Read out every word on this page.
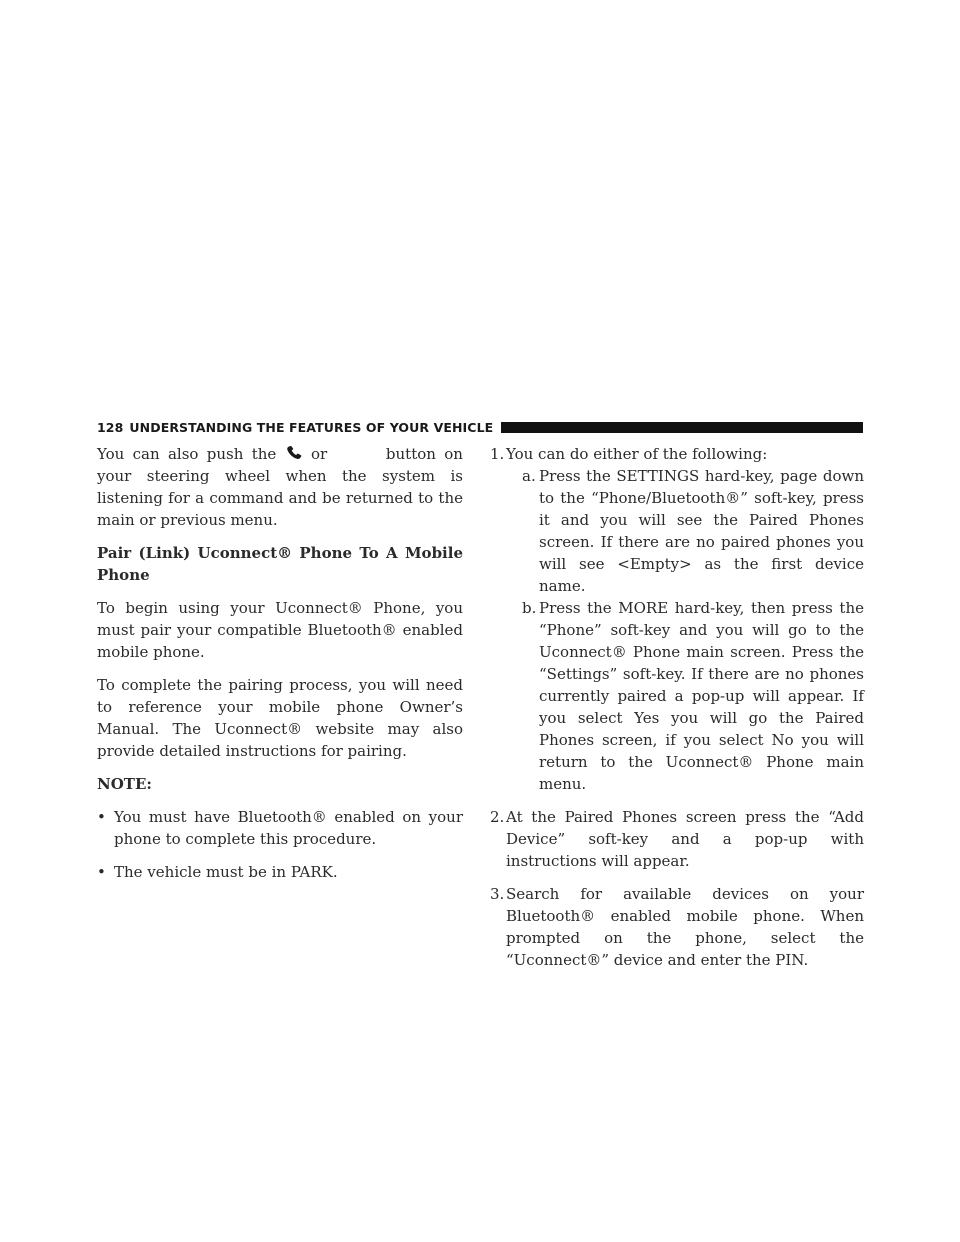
128 UNDERSTANDING THE FEATURES OF YOUR VEHICLE

You can also push the or	button on your steering wheel when the system is listening for a command and be returned to the main or previous menu.

Pair (Link) Uconnect® Phone To A Mobile Phone

To begin using your Uconnect® Phone, you must pair your compatible Bluetooth® enabled mobile phone.

To complete the pairing process, you will need to reference your mobile phone Owner’s Manual. The Uconnect® website may also provide detailed instructions for pairing.

NOTE:

• You must have Bluetooth® enabled on your phone to complete this procedure.
• The vehicle must be in PARK.

1. You can do either of the following:

a. Press the SETTINGS hard-key, page down to the “Phone/Bluetooth®” soft-key, press it and you will see the Paired Phones screen. If there are no paired phones you will see <Empty> as the first device name.

b. Press the MORE hard-key, then press the “Phone” soft-key and you will go to the Uconnect® Phone main screen. Press the “Settings” soft-key. If there are no phones currently paired a pop-up will appear. If you select Yes you will go the Paired Phones screen, if you select No you will return to the Uconnect® Phone main menu.

2. At the Paired Phones screen press the “Add Device” soft-key and a pop-up with instructions will appear.

3. Search for available devices on your Bluetooth® enabled mobile phone. When prompted on the phone, select the “Uconnect®” device and enter the PIN.
